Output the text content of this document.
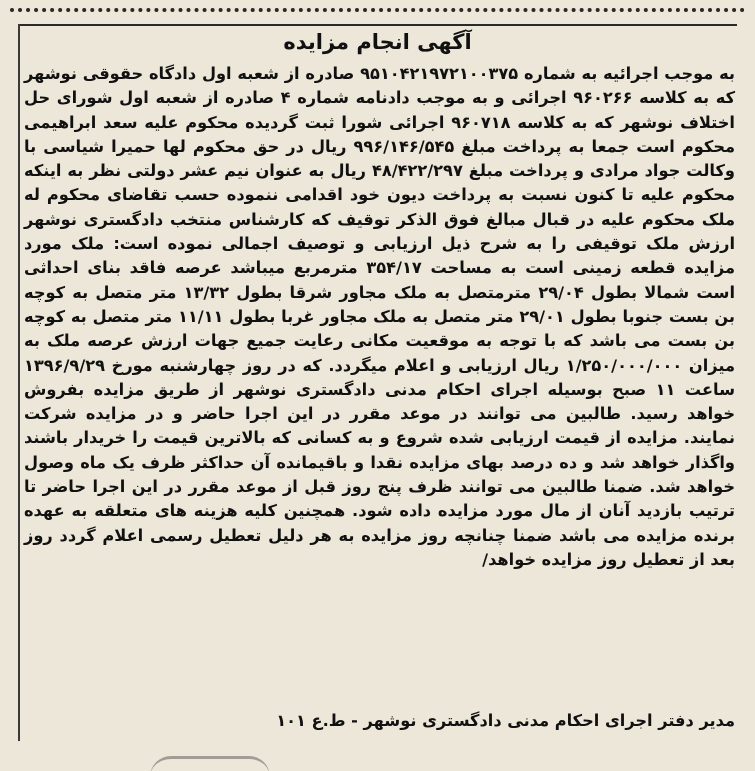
آگهی انجام مزایده
به موجب اجرائیه به شماره ۹۵۱۰۴۲۱۹۷۲۱۰۰۳۷۵ صادره از شعبه اول دادگاه حقوقی نوشهر که به کلاسه ۹۶۰۲۶۶ اجرائی و به موجب دادنامه شماره ۴ صادره از شعبه اول شورای حل اختلاف نوشهر که به کلاسه ۹۶۰۷۱۸ اجرائی شورا ثبت گردیده محکوم علیه سعد ابراهیمی محکوم است جمعا به پرداخت مبلغ ۹۹۶/۱۴۶/۵۴۵ ریال در حق محکوم لها حمیرا شیاسی با وکالت جواد مرادی و پرداخت مبلغ ۴۸/۴۲۲/۲۹۷ ریال به عنوان نیم عشر دولتی نظر به اینکه محکوم علیه تا کنون نسبت به پرداخت دیون خود اقدامی ننموده حسب تقاضای محکوم له ملک محکوم علیه در قبال مبالغ فوق الذکر توقیف که کارشناس منتخب دادگستری نوشهر ارزش ملک توقیفی را به شرح ذیل ارزیابی و توصیف اجمالی نموده است: ملک مورد مزایده قطعه زمینی است به مساحت ۳۵۴/۱۷ مترمربع میباشد عرصه فاقد بنای احداثی است شمالا بطول ۲۹/۰۴ مترمتصل به ملک مجاور شرقا بطول ۱۳/۳۲ متر متصل به کوچه بن بست جنوبا بطول ۲۹/۰۱ متر متصل به ملک مجاور غربا بطول ۱۱/۱۱ متر متصل به کوچه بن بست می باشد که با توجه به موقعیت مکانی رعایت جمیع جهات ارزش عرصه ملک به میزان ۱/۲۵۰/۰۰۰/۰۰۰ ریال ارزیابی و اعلام میگردد. که در روز چهارشنبه مورخ ۱۳۹۶/۹/۲۹ ساعت ۱۱ صبح بوسیله اجرای احکام مدنی دادگستری نوشهر از طریق مزایده بفروش خواهد رسید. طالبین می توانند در موعد مقرر در این اجرا حاضر و در مزایده شرکت نمایند. مزایده از قیمت ارزیابی شده شروع و به کسانی که بالاترین قیمت را خریدار باشند واگذار خواهد شد و ده درصد بهای مزایده نقدا و باقیمانده آن حداکثر ظرف یک ماه وصول خواهد شد. ضمنا طالبین می توانند ظرف پنج روز قبل از موعد مقرر در این اجرا حاضر تا ترتیب بازدید آنان از مال مورد مزایده داده شود. همچنین کلیه هزینه های متعلقه به عهده برنده مزایده می باشد ضمنا چنانچه روز مزایده به هر دلیل تعطیل رسمی اعلام گردد روز بعد از تعطیل روز مزایده خواهد/
مدیر دفتر اجرای احکام مدنی دادگستری نوشهر - ط.ع ۱۰۱
